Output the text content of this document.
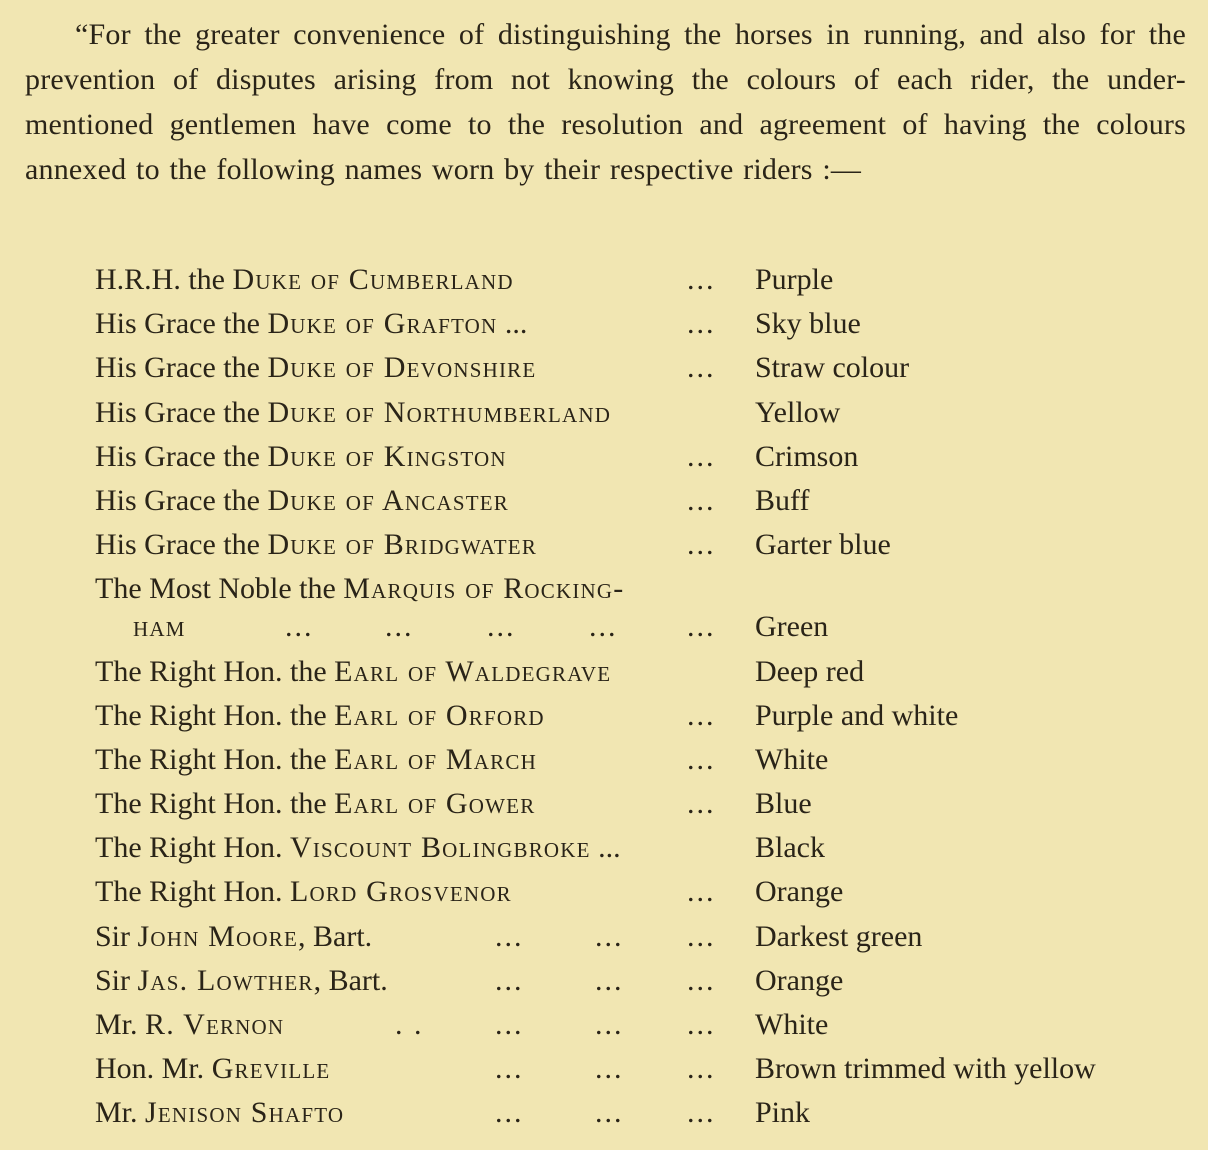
“For the greater convenience of distinguishing the horses in running, and also for the prevention of disputes arising from not knowing the colours of each rider, the under-mentioned gentlemen have come to the resolution and agreement of having the colours annexed to the following names worn by their respective riders :—

H.R.H. the Duke of Cumberland	... Purple
His Grace the Duke of Grafton ...	... Sky blue
His Grace the Duke of Devonshire	... Straw colour
His Grace the Duke of Northumberland	Yellow
His Grace the Duke of Kingston	... Crimson
His Grace the Duke of Ancaster	... Buff
His Grace the Duke of Bridgwater	... Garter blue
The Most Noble the Marquis of Rocking-
ham	... ... ... ... ... Green
The Right Hon. the Earl of Waldegrave	Deep red
The Right Hon. the Earl of Orford	... Purple and white
The Right Hon. the Earl of March	... White
The Right Hon. the Earl of Gower	... Blue
The Right Hon. Viscount Bolingbroke ...	Black
The Right Hon. Lord Grosvenor	... Orange
Sir John Moore, Bart.	... ... ... Darkest green
Sir Jas. Lowther, Bart.	... ... ... Orange
Mr. R. Vernon	. . ... ... ... White
Hon. Mr. Greville	... ... ... Brown trimmed with yellow
Mr. Jenison Shafto	... ... ... Pink
